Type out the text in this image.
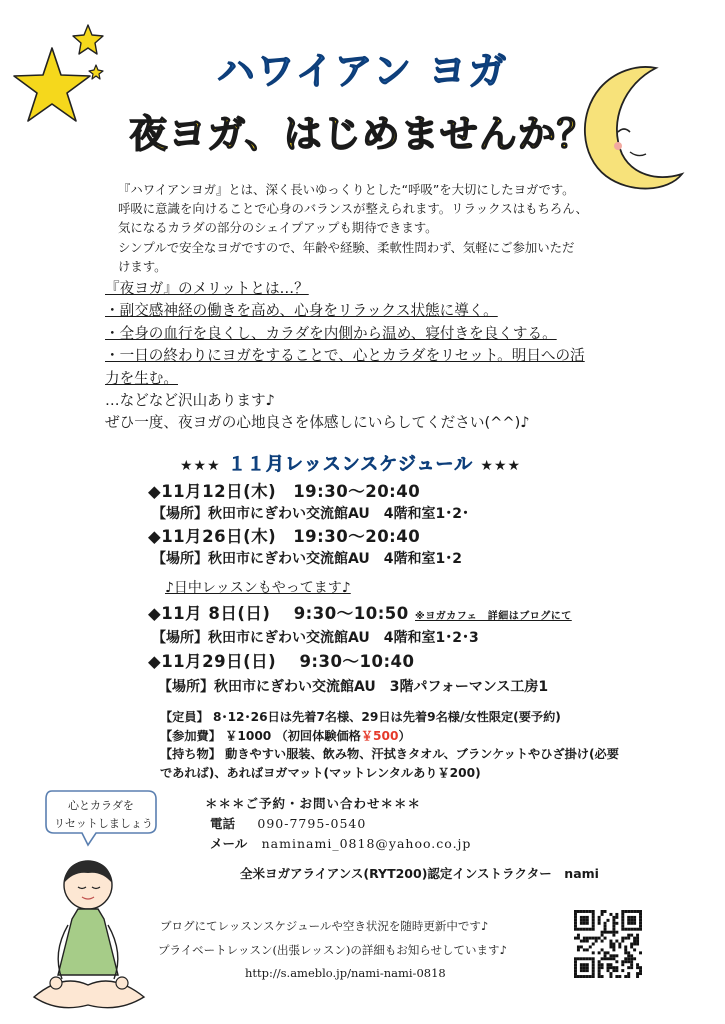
ハワイアン ヨガ
夜ヨガ、はじめませんか？
『ハワイアンヨガ』とは、深く長いゆっくりとした“呼吸”を大切にしたヨガです。
呼吸に意識を向けることで心身のバランスが整えられます。リラックスはもちろん、
気になるカラダの部分のシェイプアップも期待できます。
シンプルで安全なヨガですので、年齢や経験、柔軟性問わず、気軽にご参加いただ
けます。
『夜ヨガ』のメリットとは…？
・副交感神経の働きを高め、心身をリラックス状態に導く。
・全身の血行を良くし、カラダを内側から温め、寝付きを良くする。
・一日の終わりにヨガをすることで、心とカラダをリセット。明日への活
力を生む。
…などなど沢山あります♪
ぜひ一度、夜ヨガの心地良さを体感しにいらしてください(^^)♪
★★★ １１月レッスンスケジュール ★★★
◆11月12日(木)　19:30～20:40
【場所】秋田市にぎわい交流館AU　4階和室1･2･
◆11月26日(木)　19:30～20:40
【場所】秋田市にぎわい交流館AU　4階和室1･2
♪日中レッスンもやってます♪
◆11月 8日(日)　 9:30～10:50 ※ヨガカフェ　詳細はブログにて
【場所】秋田市にぎわい交流館AU　4階和室1･2･3
◆11月29日(日)　 9:30～10:40
【場所】秋田市にぎわい交流館AU　3階パフォーマンス工房1
【定員】 8･12･26日は先着7名様、29日は先着9名様/女性限定(要予約)
【参加費】 ￥1000 （初回体験価格￥500）
【持ち物】 動きやすい服装、飲み物、汗拭きタオル、ブランケットやひざ掛け(必要
であれば)、あればヨガマット(マットレンタルあり￥200)
＊＊＊ご予約・お問い合わせ＊＊＊
電話 090-7795-0540
メール naminami_0818@yahoo.co.jp
全米ヨガアライアンス(RYT200)認定インストラクター　nami
心とカラダを
リセットしましょう
ブログにてレッスンスケジュールや空き状況を随時更新中です♪
プライベートレッスン(出張レッスン)の詳細もお知らせしています♪
http://s.ameblo.jp/nami-nami-0818
